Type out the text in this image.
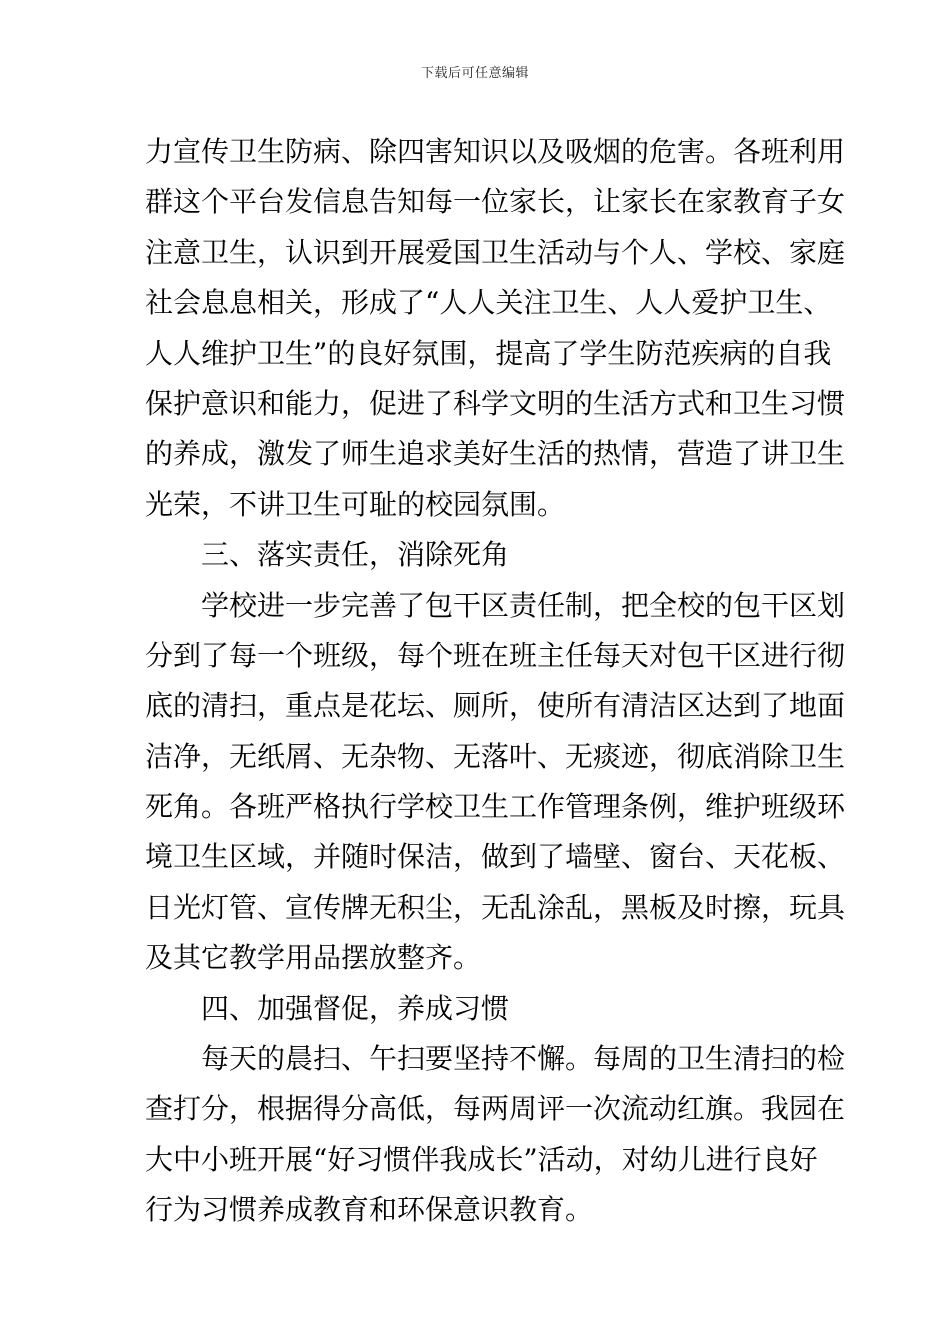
下载后可任意编辑
力宣传卫生防病、除四害知识以及吸烟的危害。各班利用
群这个平台发信息告知每一位家长，让家长在家教育子女
注意卫生，认识到开展爱国卫生活动与个人、学校、家庭
社会息息相关，形成了“人人关注卫生、人人爱护卫生、
人人维护卫生”的良好氛围，提高了学生防范疾病的自我
保护意识和能力，促进了科学文明的生活方式和卫生习惯
的养成，激发了师生追求美好生活的热情，营造了讲卫生
光荣，不讲卫生可耻的校园氛围。
三、落实责任，消除死角
学校进一步完善了包干区责任制，把全校的包干区划
分到了每一个班级，每个班在班主任每天对包干区进行彻
底的清扫，重点是花坛、厕所，使所有清洁区达到了地面
洁净，无纸屑、无杂物、无落叶、无痰迹，彻底消除卫生
死角。各班严格执行学校卫生工作管理条例，维护班级环
境卫生区域，并随时保洁，做到了墙壁、窗台、天花板、
日光灯管、宣传牌无积尘，无乱涂乱，黑板及时擦，玩具
及其它教学用品摆放整齐。
四、加强督促，养成习惯
每天的晨扫、午扫要坚持不懈。每周的卫生清扫的检
查打分，根据得分高低，每两周评一次流动红旗。我园在
大中小班开展“好习惯伴我成长”活动，对幼儿进行良好
行为习惯养成教育和环保意识教育。
